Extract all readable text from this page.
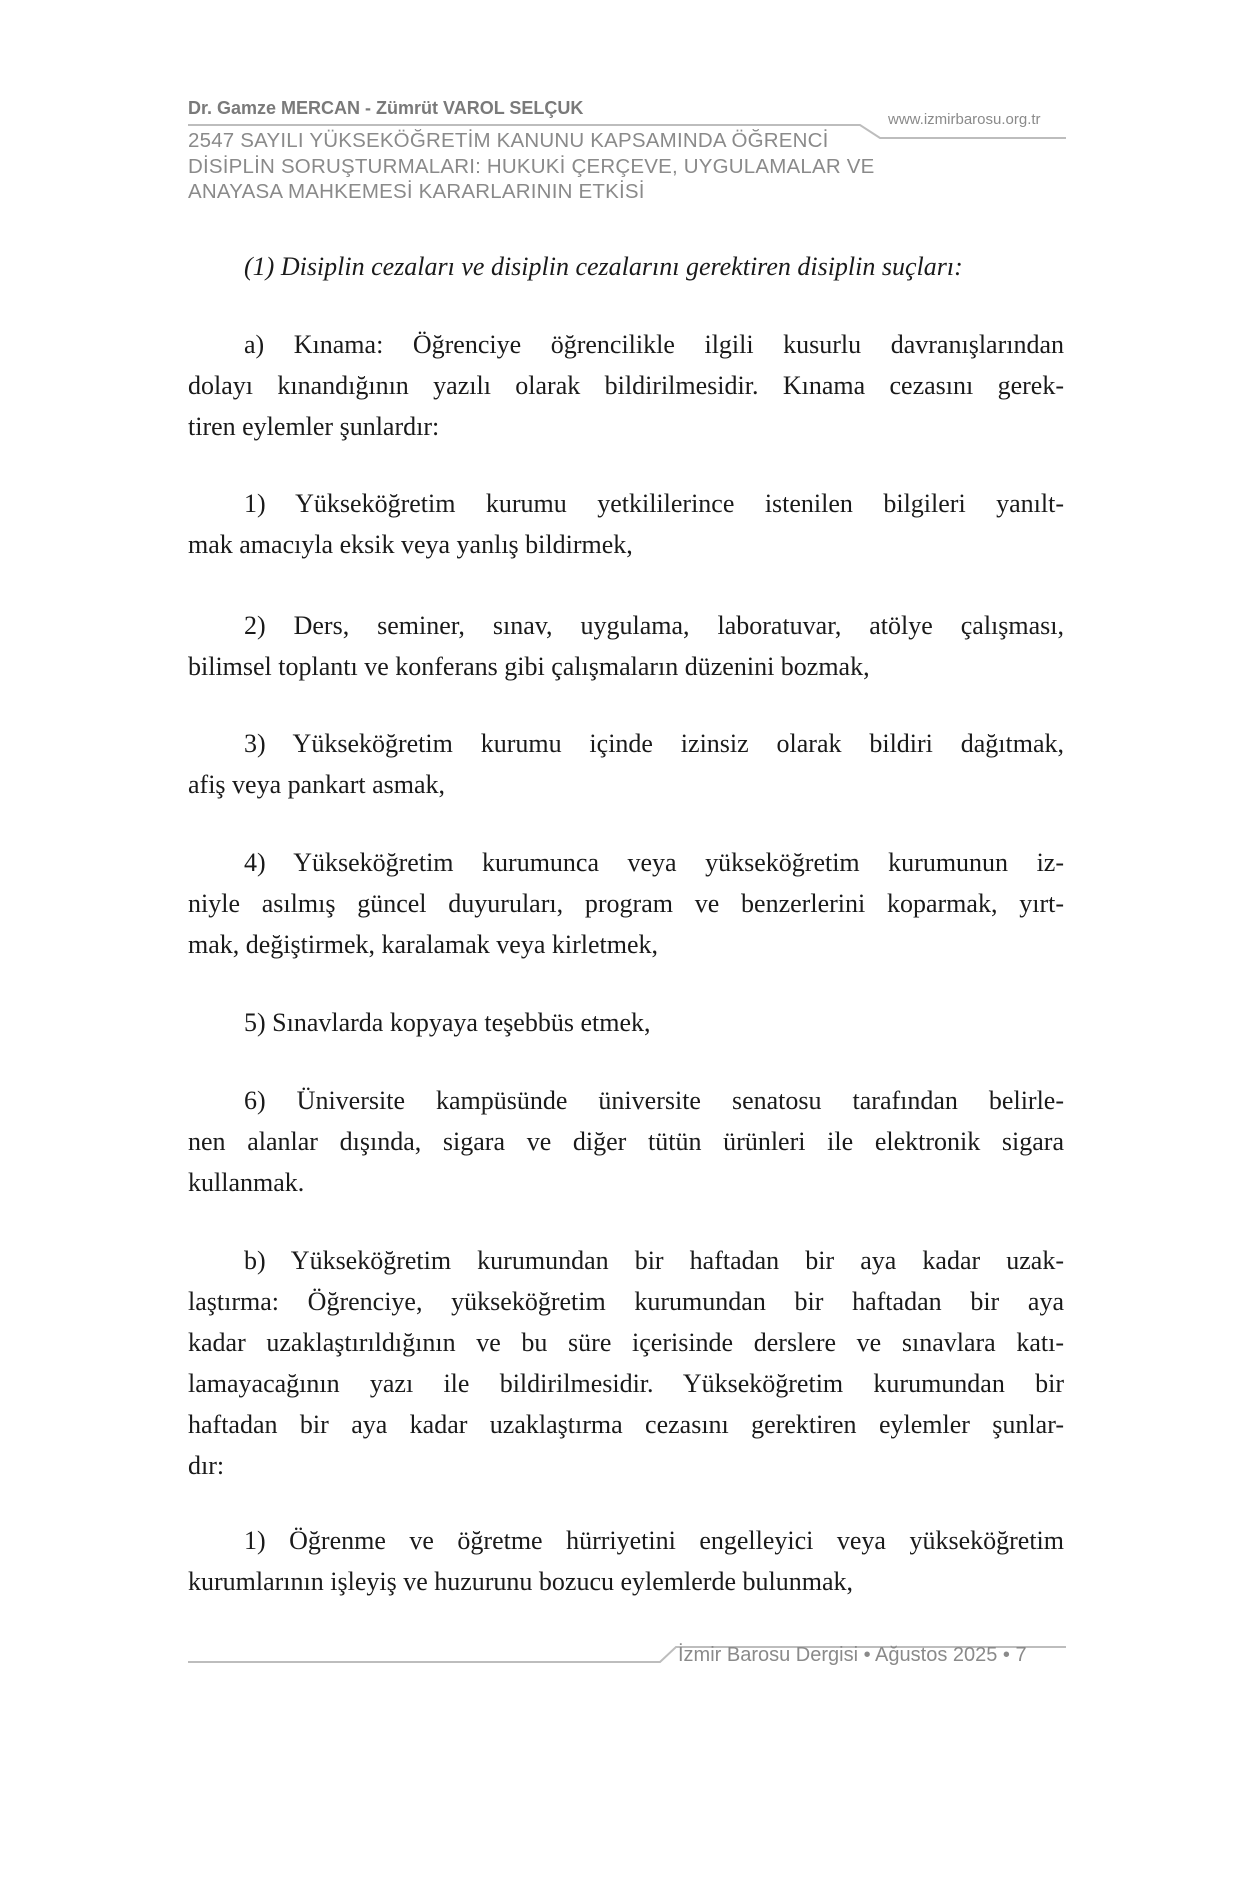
Dr. Gamze MERCAN - Zümrüt VAROL SELÇUK
2547 SAYILI YÜKSEKÖĞRETİM KANUNU KAPSAMINDA ÖĞRENCİ
DİSİPLİN SORUŞTURMALARI: HUKUKİ ÇERÇEVE, UYGULAMALAR VE
ANAYASA MAHKEMESİ KARARLARININ ETKİSİ
www.izmirbarosu.org.tr
(1) Disiplin cezaları ve disiplin cezalarını gerektiren disiplin suçları:
a) Kınama: Öğrenciye öğrencilikle ilgili kusurlu davranışlarından
dolayı kınandığının yazılı olarak bildirilmesidir. Kınama cezasını gerek-
tiren eylemler şunlardır:
1) Yükseköğretim kurumu yetkililerince istenilen bilgileri yanılt-
mak amacıyla eksik veya yanlış bildirmek,
2) Ders, seminer, sınav, uygulama, laboratuvar, atölye çalışması,
bilimsel toplantı ve konferans gibi çalışmaların düzenini bozmak,
3) Yükseköğretim kurumu içinde izinsiz olarak bildiri dağıtmak,
afiş veya pankart asmak,
4) Yükseköğretim kurumunca veya yükseköğretim kurumunun iz-
niyle asılmış güncel duyuruları, program ve benzerlerini koparmak, yırt-
mak, değiştirmek, karalamak veya kirletmek,
5) Sınavlarda kopyaya teşebbüs etmek,
6) Üniversite kampüsünde üniversite senatosu tarafından belirle-
nen alanlar dışında, sigara ve diğer tütün ürünleri ile elektronik sigara
kullanmak.
b) Yükseköğretim kurumundan bir haftadan bir aya kadar uzak-
laştırma: Öğrenciye, yükseköğretim kurumundan bir haftadan bir aya
kadar uzaklaştırıldığının ve bu süre içerisinde derslere ve sınavlara katı-
lamayacağının yazı ile bildirilmesidir. Yükseköğretim kurumundan bir
haftadan bir aya kadar uzaklaştırma cezasını gerektiren eylemler şunlar-
dır:
1) Öğrenme ve öğretme hürriyetini engelleyici veya yükseköğretim
kurumlarının işleyiş ve huzurunu bozucu eylemlerde bulunmak,
İzmir Barosu Dergisi • Ağustos 2025 • 7
